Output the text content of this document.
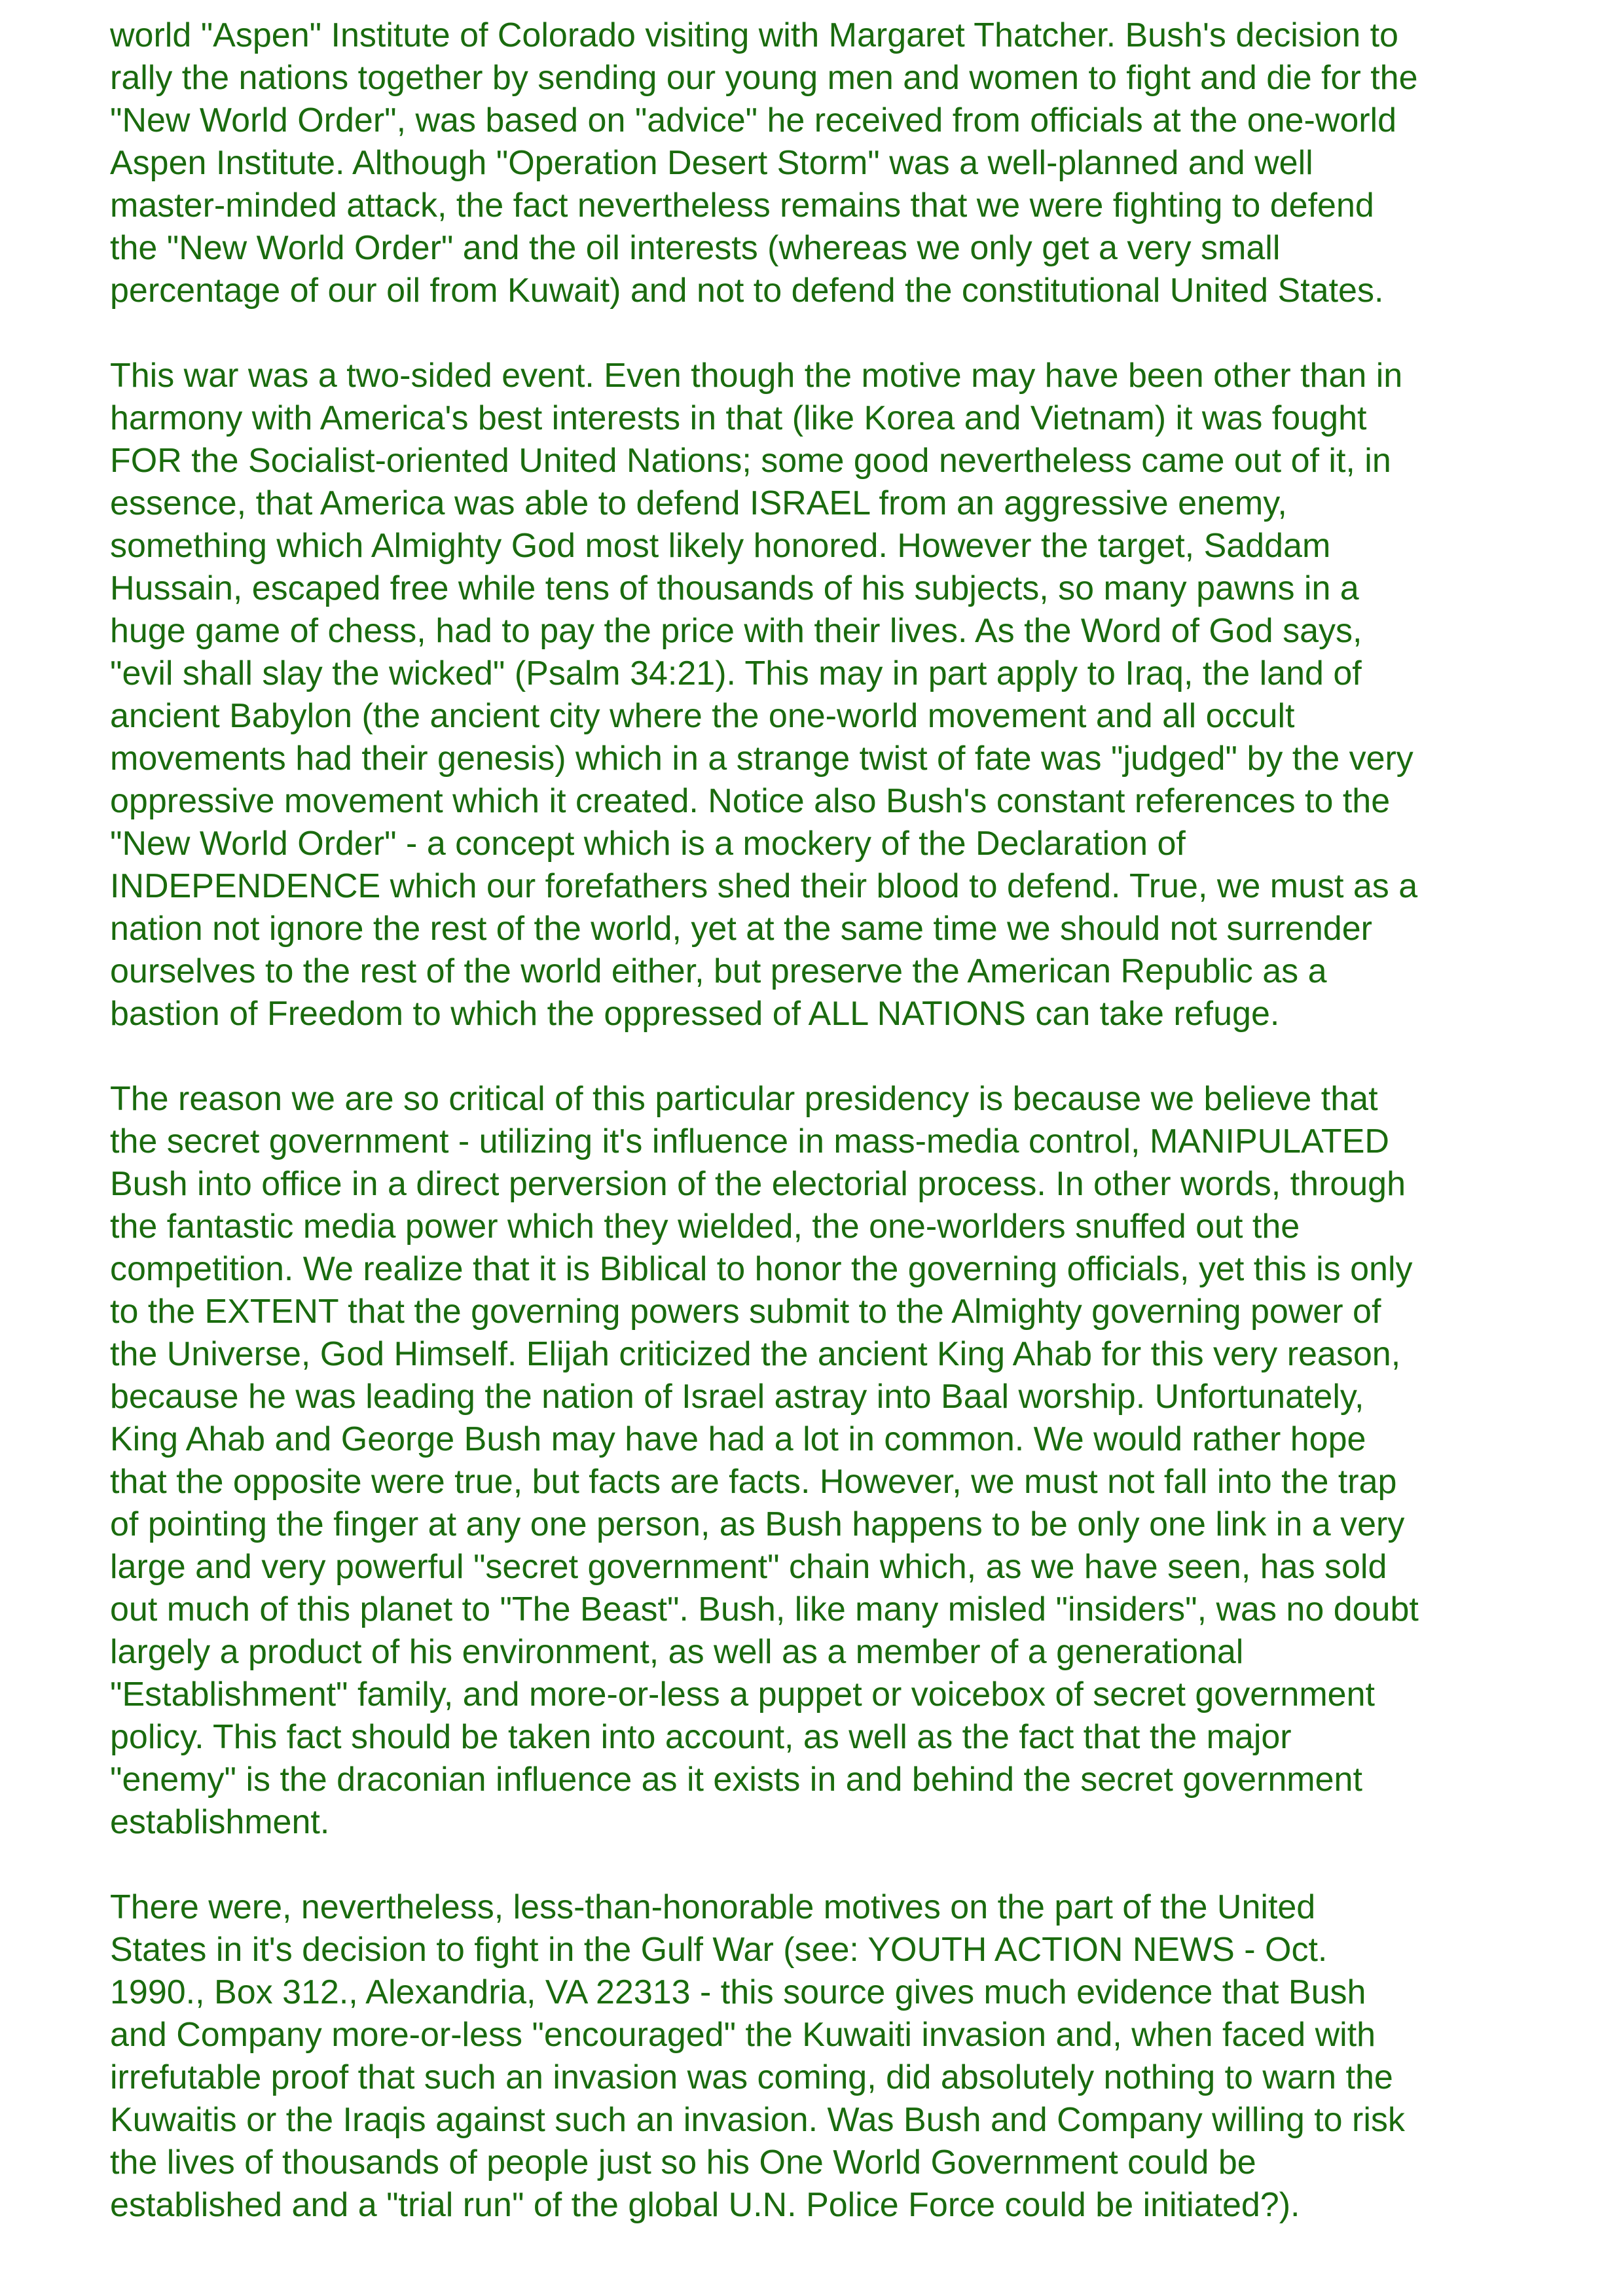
world "Aspen" Institute of Colorado visiting with Margaret Thatcher. Bush's decision to
rally the nations together by sending our young men and women to fight and die for the
"New World Order", was based on "advice" he received from officials at the one-world
Aspen Institute. Although "Operation Desert Storm" was a well-planned and well
master-minded attack, the fact nevertheless remains that we were fighting to defend
the "New World Order" and the oil interests (whereas we only get a very small
percentage of our oil from Kuwait) and not to defend the constitutional United States.

This war was a two-sided event. Even though the motive may have been other than in
harmony with America's best interests in that (like Korea and Vietnam) it was fought
FOR the Socialist-oriented United Nations; some good nevertheless came out of it, in
essence, that America was able to defend ISRAEL from an aggressive enemy,
something which Almighty God most likely honored. However the target, Saddam
Hussain, escaped free while tens of thousands of his subjects, so many pawns in a
huge game of chess, had to pay the price with their lives. As the Word of God says,
"evil shall slay the wicked" (Psalm 34:21). This may in part apply to Iraq, the land of
ancient Babylon (the ancient city where the one-world movement and all occult
movements had their genesis) which in a strange twist of fate was "judged" by the very
oppressive movement which it created. Notice also Bush's constant references to the
"New World Order" - a concept which is a mockery of the Declaration of
INDEPENDENCE which our forefathers shed their blood to defend. True, we must as a
nation not ignore the rest of the world, yet at the same time we should not surrender
ourselves to the rest of the world either, but preserve the American Republic as a
bastion of Freedom to which the oppressed of ALL NATIONS can take refuge.

The reason we are so critical of this particular presidency is because we believe that
the secret government - utilizing it's influence in mass-media control, MANIPULATED
Bush into office in a direct perversion of the electorial process. In other words, through
the fantastic media power which they wielded, the one-worlders snuffed out the
competition. We realize that it is Biblical to honor the governing officials, yet this is only
to the EXTENT that the governing powers submit to the Almighty governing power of
the Universe, God Himself. Elijah criticized the ancient King Ahab for this very reason,
because he was leading the nation of Israel astray into Baal worship. Unfortunately,
King Ahab and George Bush may have had a lot in common. We would rather hope
that the opposite were true, but facts are facts. However, we must not fall into the trap
of pointing the finger at any one person, as Bush happens to be only one link in a very
large and very powerful "secret government" chain which, as we have seen, has sold
out much of this planet to "The Beast". Bush, like many misled "insiders", was no doubt
largely a product of his environment, as well as a member of a generational
"Establishment" family, and more-or-less a puppet or voicebox of secret government
policy. This fact should be taken into account, as well as the fact that the major
"enemy" is the draconian influence as it exists in and behind the secret government
establishment.

There were, nevertheless, less-than-honorable motives on the part of the United
States in it's decision to fight in the Gulf War (see: YOUTH ACTION NEWS - Oct.
1990., Box 312., Alexandria, VA 22313 - this source gives much evidence that Bush
and Company more-or-less "encouraged" the Kuwaiti invasion and, when faced with
irrefutable proof that such an invasion was coming, did absolutely nothing to warn the
Kuwaitis or the Iraqis against such an invasion. Was Bush and Company willing to risk
the lives of thousands of people just so his One World Government could be
established and a "trial run" of the global U.N. Police Force could be initiated?).
